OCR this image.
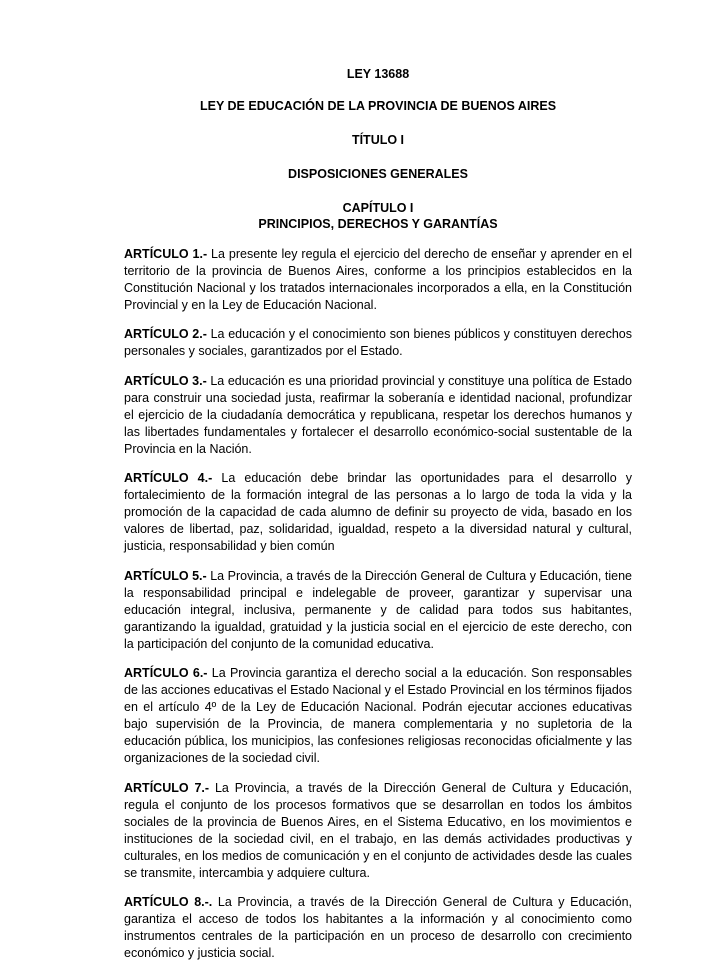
LEY 13688

LEY DE EDUCACIÓN DE LA PROVINCIA DE BUENOS AIRES

TÍTULO I

DISPOSICIONES GENERALES

CAPÍTULO I

PRINCIPIOS, DERECHOS Y GARANTÍAS

ARTÍCULO 1.- La presente ley regula el ejercicio del derecho de enseñar y aprender en el territorio de la provincia de Buenos Aires, conforme a los principios establecidos en la Constitución Nacional y los tratados internacionales incorporados a ella, en la Constitución Provincial y en la Ley de Educación Nacional.

ARTÍCULO 2.- La educación y el conocimiento son bienes públicos y constituyen derechos personales y sociales, garantizados por el Estado.

ARTÍCULO 3.- La educación es una prioridad provincial y constituye una política de Estado para construir una sociedad justa, reafirmar la soberanía e identidad nacional, profundizar el ejercicio de la ciudadanía democrática y republicana, respetar los derechos humanos y las libertades fundamentales y fortalecer el desarrollo económico-social sustentable de la Provincia en la Nación.

ARTÍCULO 4.- La educación debe brindar las oportunidades para el desarrollo y fortalecimiento de la formación integral de las personas a lo largo de toda la vida y la promoción de la capacidad de cada alumno de definir su proyecto de vida, basado en los valores de libertad, paz, solidaridad, igualdad, respeto a la diversidad natural y cultural, justicia, responsabilidad y bien común

ARTÍCULO 5.- La Provincia, a través de la Dirección General de Cultura y Educación, tiene la responsabilidad principal e indelegable de proveer, garantizar y supervisar una educación integral, inclusiva, permanente y de calidad para todos sus habitantes, garantizando la igualdad, gratuidad y la justicia social en el ejercicio de este derecho, con la participación del conjunto de la comunidad educativa.

ARTÍCULO 6.- La Provincia garantiza el derecho social a la educación. Son responsables de las acciones educativas el Estado Nacional y el Estado Provincial en los términos fijados en el artículo 4º de la Ley de Educación Nacional. Podrán ejecutar acciones educativas bajo supervisión de la Provincia, de manera complementaria y no supletoria de la educación pública, los municipios, las confesiones religiosas reconocidas oficialmente y las organizaciones de la sociedad civil.

ARTÍCULO 7.- La Provincia, a través de la Dirección General de Cultura y Educación, regula el conjunto de los procesos formativos que se desarrollan en todos los ámbitos sociales de la provincia de Buenos Aires, en el Sistema Educativo, en los movimientos e instituciones de la sociedad civil, en el trabajo, en las demás actividades productivas y culturales, en los medios de comunicación y en el conjunto de actividades desde las cuales se transmite, intercambia y adquiere cultura.

ARTÍCULO 8.-. La Provincia, a través de la Dirección General de Cultura y Educación, garantiza el acceso de todos los habitantes a la información y al conocimiento como instrumentos centrales de la participación en un proceso de desarrollo con crecimiento económico y justicia social.
